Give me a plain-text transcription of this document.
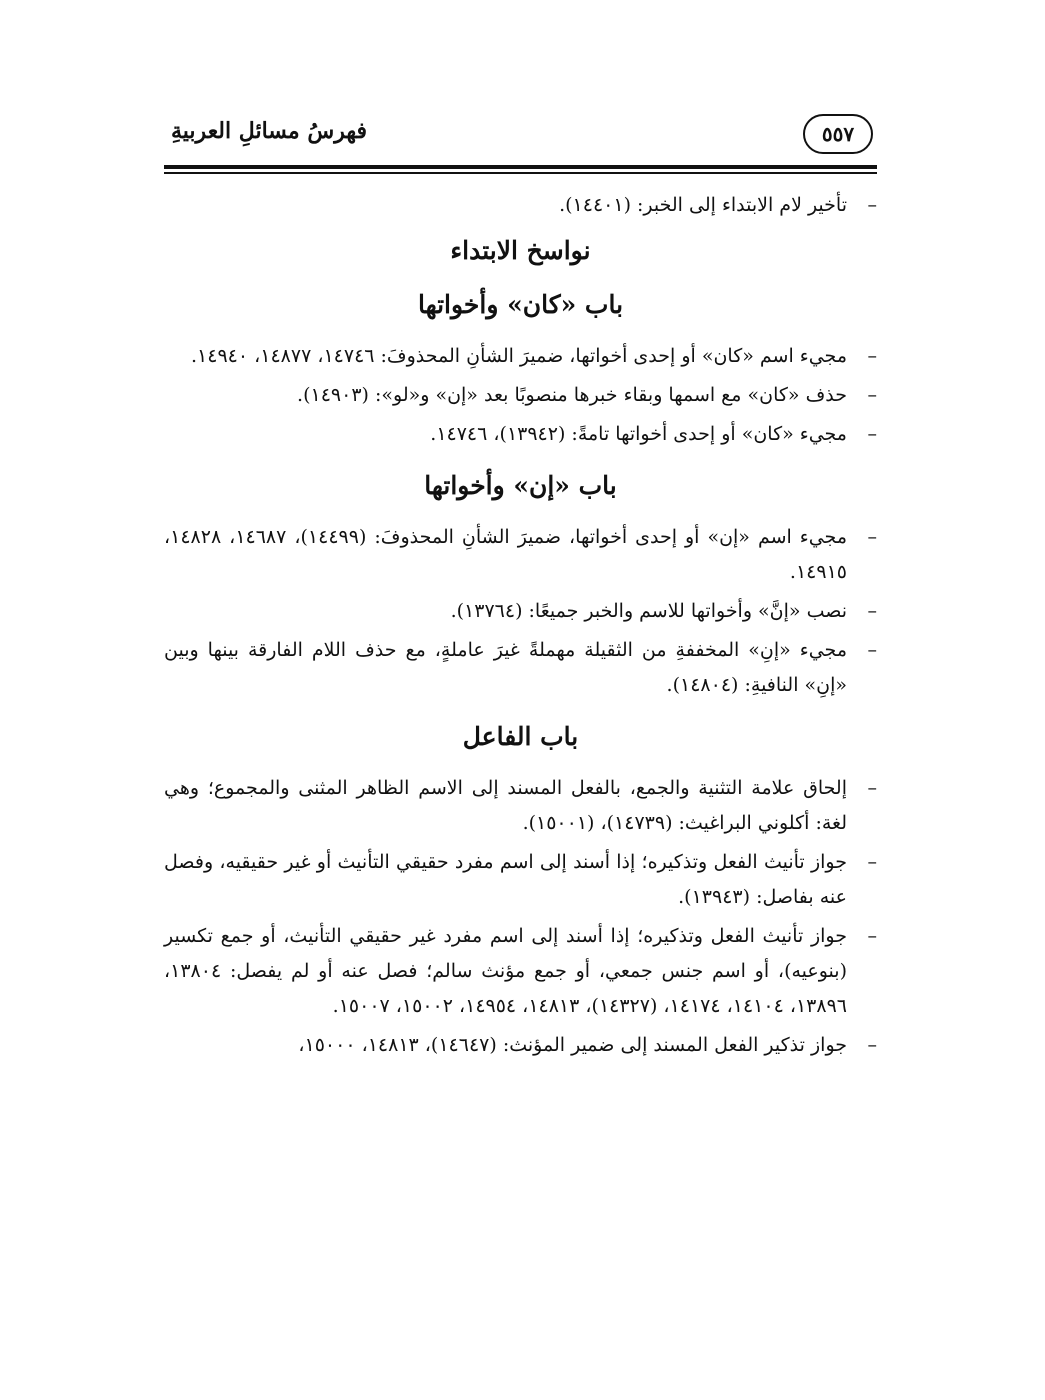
فهرسُ مسائلِ العربيةِ	٥٥٧
–
تأخير لام الابتداء إلى الخبر: (١٤٤٠١).
نواسخ الابتداء
باب «كان» وأخواتها
–
مجيء اسم «كان» أو إحدى أخواتها، ضميرَ الشأنِ المحذوفَ: ١٤٧٤٦، ١٤٨٧٧، ١٤٩٤٠.
–
حذف «كان» مع اسمها وبقاء خبرها منصوبًا بعد «إن» و«لو»: (١٤٩٠٣).
–
مجيء «كان» أو إحدى أخواتها تامةً: (١٣٩٤٢)، ١٤٧٤٦.
باب «إن» وأخواتها
–
مجيء اسم «إن» أو إحدى أخواتها، ضميرَ الشأنِ المحذوفَ: (١٤٤٩٩)، ١٤٦٨٧، ١٤٨٢٨، ١٤٩١٥.
–
نصب «إنَّ» وأخواتها للاسم والخبر جميعًا: (١٣٧٦٤).
–
مجيء «إنِ» المخففةِ من الثقيلة مهملةً غيرَ عاملةٍ، مع حذف اللام الفارقة بينها وبين «إنِ» النافيةِ: (١٤٨٠٤).
باب الفاعل
–
إلحاق علامة التثنية والجمع، بالفعل المسند إلى الاسم الظاهر المثنى والمجموع؛ وهي لغة: أكلوني البراغيث: (١٤٧٣٩)، (١٥٠٠١).
–
جواز تأنيث الفعل وتذكيره؛ إذا أسند إلى اسم مفرد حقيقي التأنيث أو غير حقيقيه، وفصل عنه بفاصل: (١٣٩٤٣).
–
جواز تأنيث الفعل وتذكيره؛ إذا أسند إلى اسم مفرد غير حقيقي التأنيث، أو جمع تكسير (بنوعيه)، أو اسم جنس جمعي، أو جمع مؤنث سالم؛ فصل عنه أو لم يفصل: ١٣٨٠٤، ١٣٨٩٦، ١٤١٠٤، ١٤١٧٤، (١٤٣٢٧)، ١٤٨١٣، ١٤٩٥٤، ١٥٠٠٢، ١٥٠٠٧.
–
جواز تذكير الفعل المسند إلى ضمير المؤنث: (١٤٦٤٧)، ١٤٨١٣، ١٥٠٠٠،
